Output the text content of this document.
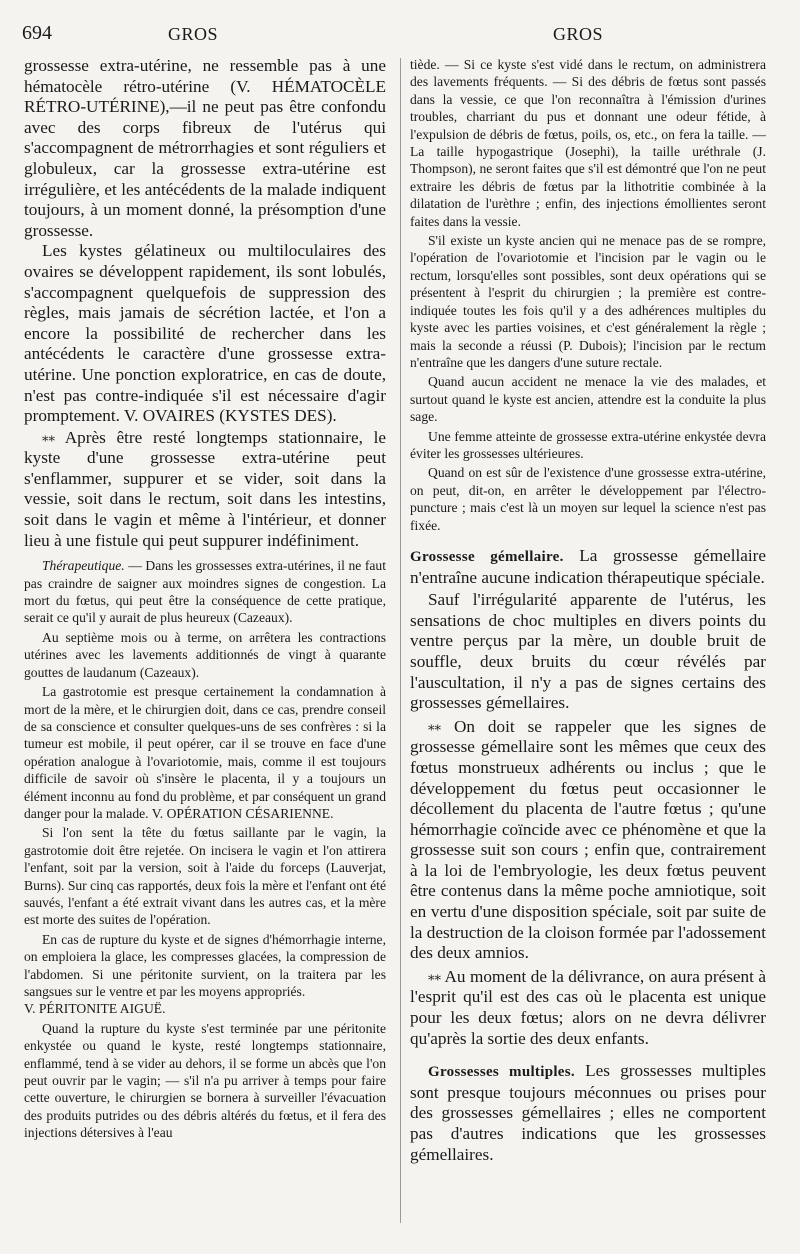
694	GROS	GROS

grossesse extra-utérine, ne ressemble pas à une hématocèle rétro-utérine (V. HÉMATOCÈLE RÉTRO-UTÉRINE),—il ne peut pas être confondu avec des corps fibreux de l'utérus qui s'accompagnent de métrorrhagies et sont réguliers et globuleux, car la grossesse extra-utérine est irrégulière, et les antécédents de la malade indiquent toujours, à un moment donné, la présomption d'une grossesse.

Les kystes gélatineux ou multiloculaires des ovaires se développent rapidement, ils sont lobulés, s'accompagnent quelquefois de suppression des règles, mais jamais de sécrétion lactée, et l'on a encore la possibilité de rechercher dans les antécédents le caractère d'une grossesse extra-utérine. Une ponction exploratrice, en cas de doute, n'est pas contre-indiquée s'il est nécessaire d'agir promptement. V. OVAIRES (KYSTES DES).

⁎⁎ Après être resté longtemps stationnaire, le kyste d'une grossesse extra-utérine peut s'enflammer, suppurer et se vider, soit dans la vessie, soit dans le rectum, soit dans les intestins, soit dans le vagin et même à l'intérieur, et donner lieu à une fistule qui peut suppurer indéfiniment.

Thérapeutique. — Dans les grossesses extra-utérines, il ne faut pas craindre de saigner aux moindres signes de congestion. La mort du fœtus, qui peut être la conséquence de cette pratique, serait ce qu'il y aurait de plus heureux (Cazeaux).

Au septième mois ou à terme, on arrêtera les contractions utérines avec les lavements additionnés de vingt à quarante gouttes de laudanum (Cazeaux).

La gastrotomie est presque certainement la condamnation à mort de la mère, et le chirurgien doit, dans ce cas, prendre conseil de sa conscience et consulter quelques-uns de ses confrères : si la tumeur est mobile, il peut opérer, car il se trouve en face d'une opération analogue à l'ovariotomie, mais, comme il est toujours difficile de savoir où s'insère le placenta, il y a toujours un élément inconnu au fond du problème, et par conséquent un grand danger pour la malade. V. OPÉRATION CÉSARIENNE.

Si l'on sent la tête du fœtus saillante par le vagin, la gastrotomie doit être rejetée. On incisera le vagin et l'on attirera l'enfant, soit par la version, soit à l'aide du forceps (Lauverjat, Burns). Sur cinq cas rapportés, deux fois la mère et l'enfant ont été sauvés, l'enfant a été extrait vivant dans les autres cas, et la mère est morte des suites de l'opération.

En cas de rupture du kyste et de signes d'hémorrhagie interne, on emploiera la glace, les compresses glacées, la compression de l'abdomen. Si une péritonite survient, on la traitera par les sangsues sur le ventre et par les moyens appropriés.

V. PÉRITONITE AIGUË.

Quand la rupture du kyste s'est terminée par une péritonite enkystée ou quand le kyste, resté longtemps stationnaire, enflammé, tend à se vider au dehors, il se forme un abcès que l'on peut ouvrir par le vagin; — s'il n'a pu arriver à temps pour faire cette ouverture, le chirurgien se bornera à surveiller l'évacuation des produits putrides ou des débris altérés du fœtus, et il fera des injections détersives à l'eau

tiède. — Si ce kyste s'est vidé dans le rectum, on administrera des lavements fréquents. — Si des débris de fœtus sont passés dans la vessie, ce que l'on reconnaîtra à l'émission d'urines troubles, charriant du pus et donnant une odeur fétide, à l'expulsion de débris de fœtus, poils, os, etc., on fera la taille. — La taille hypogastrique (Josephi), la taille uréthrale (J. Thompson), ne seront faites que s'il est démontré que l'on ne peut extraire les débris de fœtus par la lithotritie combinée à la dilatation de l'urèthre ; enfin, des injections émollientes seront faites dans la vessie.

S'il existe un kyste ancien qui ne menace pas de se rompre, l'opération de l'ovariotomie et l'incision par le vagin ou le rectum, lorsqu'elles sont possibles, sont deux opérations qui se présentent à l'esprit du chirurgien ; la première est contre-indiquée toutes les fois qu'il y a des adhérences multiples du kyste avec les parties voisines, et c'est généralement la règle ; mais la seconde a réussi (P. Dubois); l'incision par le rectum n'entraîne que les dangers d'une suture rectale.

Quand aucun accident ne menace la vie des malades, et surtout quand le kyste est ancien, attendre est la conduite la plus sage.

Une femme atteinte de grossesse extra-utérine enkystée devra éviter les grossesses ultérieures.

Quand on est sûr de l'existence d'une grossesse extra-utérine, on peut, dit-on, en arrêter le développement par l'électro-puncture ; mais c'est là un moyen sur lequel la science n'est pas fixée.

Grossesse gémellaire. La grossesse gémellaire n'entraîne aucune indication thérapeutique spéciale.

Sauf l'irrégularité apparente de l'utérus, les sensations de choc multiples en divers points du ventre perçus par la mère, un double bruit de souffle, deux bruits du cœur révélés par l'auscultation, il n'y a pas de signes certains des grossesses gémellaires.

⁎⁎ On doit se rappeler que les signes de grossesse gémellaire sont les mêmes que ceux des fœtus monstrueux adhérents ou inclus ; que le développement du fœtus peut occasionner le décollement du placenta de l'autre fœtus ; qu'une hémorrhagie coïncide avec ce phénomène et que la grossesse suit son cours ; enfin que, contrairement à la loi de l'embryologie, les deux fœtus peuvent être contenus dans la même poche amniotique, soit en vertu d'une disposition spéciale, soit par suite de la destruction de la cloison formée par l'adossement des deux amnios.

⁎⁎ Au moment de la délivrance, on aura présent à l'esprit qu'il est des cas où le placenta est unique pour les deux fœtus; alors on ne devra délivrer qu'après la sortie des deux enfants.

Grossesses multiples. Les grossesses multiples sont presque toujours méconnues ou prises pour des grossesses gémellaires ; elles ne comportent pas d'autres indications que les grossesses gémellaires.
